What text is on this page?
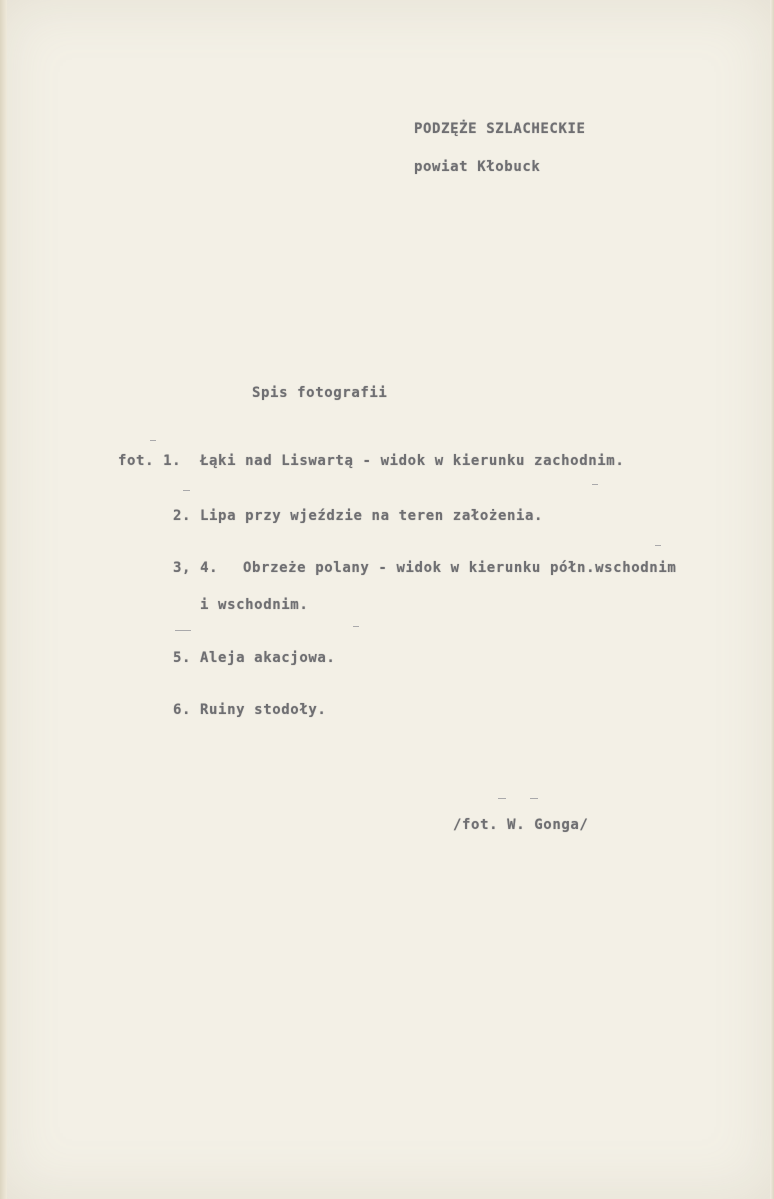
PODZĘŻE SZLACHECKIE
powiat Kłobuck
Spis fotografii
fot. 1. Łąki nad Liswartą - widok w kierunku zachodnim.
2. Lipa przy wjeździe na teren założenia.
3, 4. Obrzeże polany - widok w kierunku półn.wschodnim
i wschodnim.
5. Aleja akacjowa.
6. Ruiny stodoły.
/fot. W. Gonga/
